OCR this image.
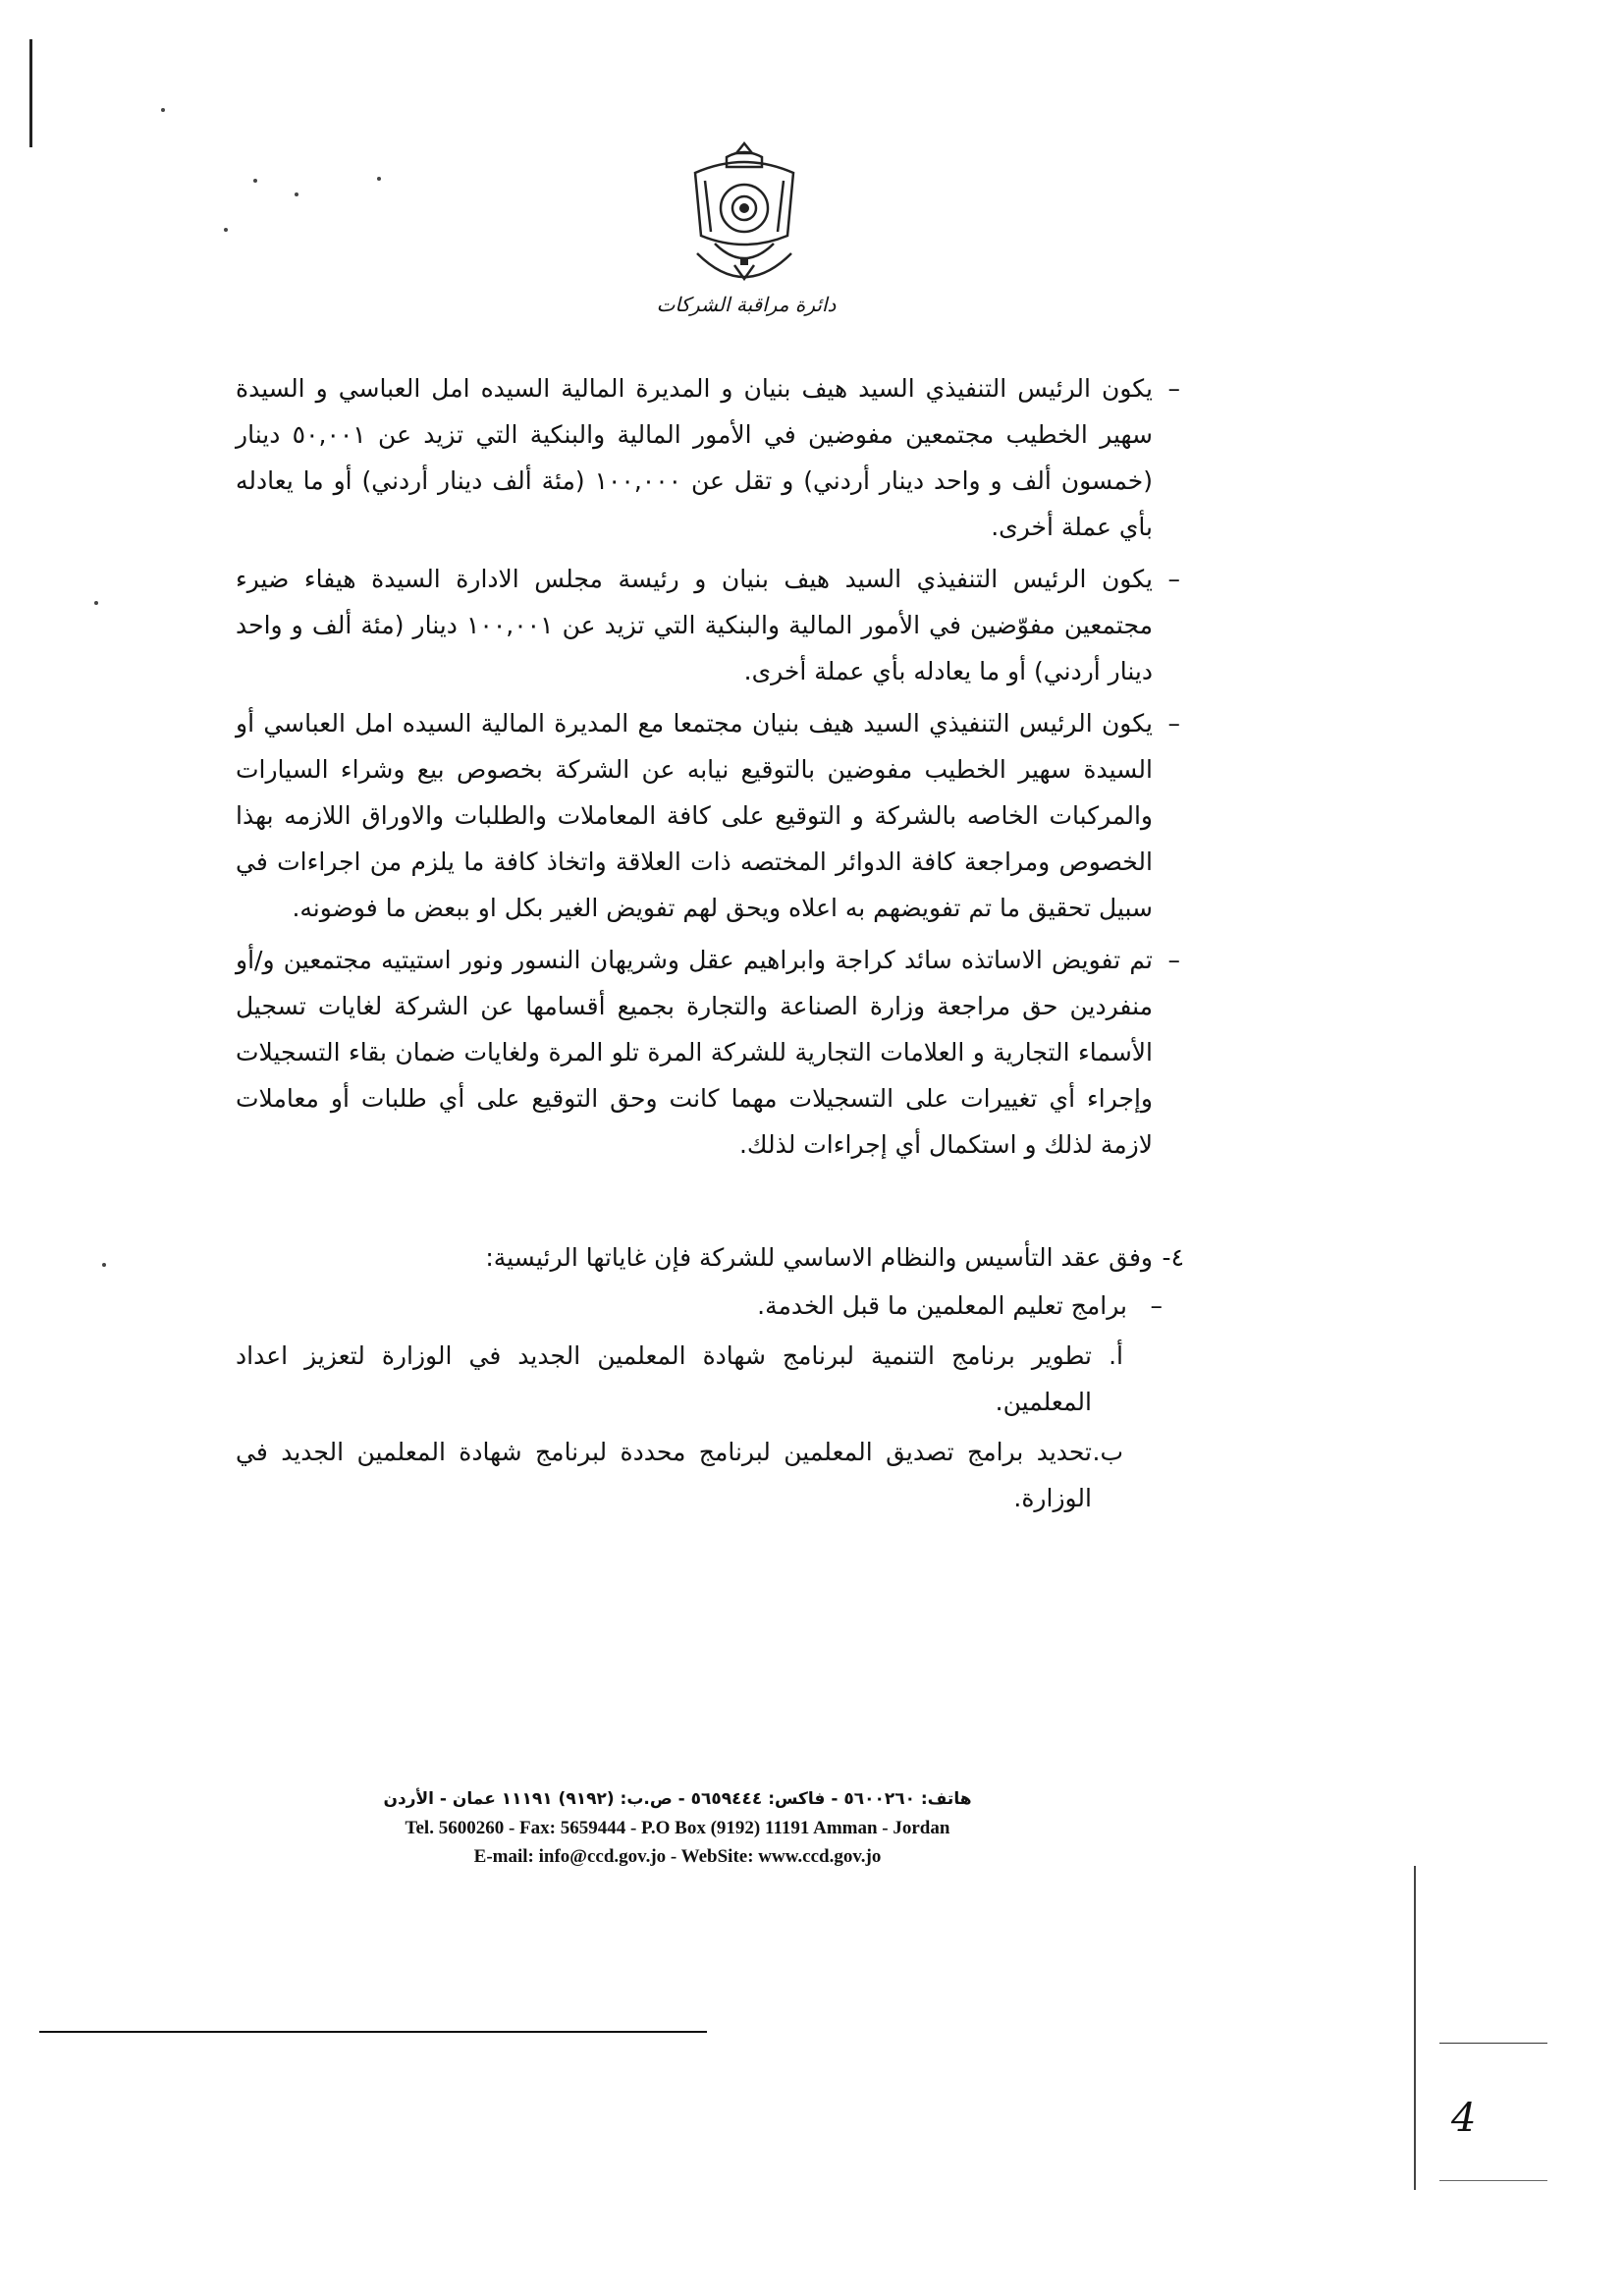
دائرة مراقبة الشركات
–
يكون الرئيس التنفيذي السيد هيف بنيان و المديرة المالية السيده امل العباسي و السيدة سهير الخطيب مجتمعين مفوضين في الأمور المالية والبنكية التي تزيد عن ٥٠,٠٠١ دينار (خمسون ألف و واحد دينار أردني) و تقل عن ١٠٠,٠٠٠ (مئة ألف دينار أردني) أو ما يعادله بأي عملة أخرى.
–
يكون الرئيس التنفيذي السيد هيف بنيان و رئيسة مجلس الادارة السيدة هيفاء ضيرء مجتمعين مفوّضين في الأمور المالية والبنكية التي تزيد عن ١٠٠,٠٠١ دينار (مئة ألف و واحد دينار أردني) أو ما يعادله بأي عملة أخرى.
–
يكون الرئيس التنفيذي السيد هيف بنيان مجتمعا مع المديرة المالية السيده امل العباسي أو السيدة سهير الخطيب مفوضين بالتوقيع نيابه عن الشركة بخصوص بيع وشراء السيارات والمركبات الخاصه بالشركة و التوقيع على كافة المعاملات والطلبات والاوراق اللازمه بهذا الخصوص ومراجعة كافة الدوائر المختصه ذات العلاقة واتخاذ كافة ما يلزم من اجراءات في سبيل تحقيق ما تم تفويضهم به اعلاه ويحق لهم تفويض الغير بكل او ببعض ما فوضونه.
–
تم تفويض الاساتذه سائد كراجة وابراهيم عقل وشريهان النسور ونور استيتيه مجتمعين و/أو منفردين حق مراجعة وزارة الصناعة والتجارة بجميع أقسامها عن الشركة لغايات تسجيل الأسماء التجارية و العلامات التجارية للشركة المرة تلو المرة ولغايات ضمان بقاء التسجيلات وإجراء أي تغييرات على التسجيلات مهما كانت وحق التوقيع على أي طلبات أو معاملات لازمة لذلك و استكمال أي إجراءات لذلك.
٤-
وفق عقد التأسيس والنظام الاساسي للشركة فإن غاياتها الرئيسية:
–
برامج تعليم المعلمين ما قبل الخدمة.
أ.
تطوير برنامج التنمية لبرنامج شهادة المعلمين الجديد في الوزارة لتعزيز اعداد المعلمين.
ب.
تحديد برامج تصديق المعلمين لبرنامج محددة لبرنامج شهادة المعلمين الجديد في الوزارة.
هاتف: ٥٦٠٠٢٦٠ - فاكس: ٥٦٥٩٤٤٤ - ص.ب: (٩١٩٢) ١١١٩١ عمان - الأردن
Tel. 5600260 - Fax: 5659444 - P.O Box (9192) 11191 Amman - Jordan
E-mail: info@ccd.gov.jo - WebSite: www.ccd.gov.jo
4
